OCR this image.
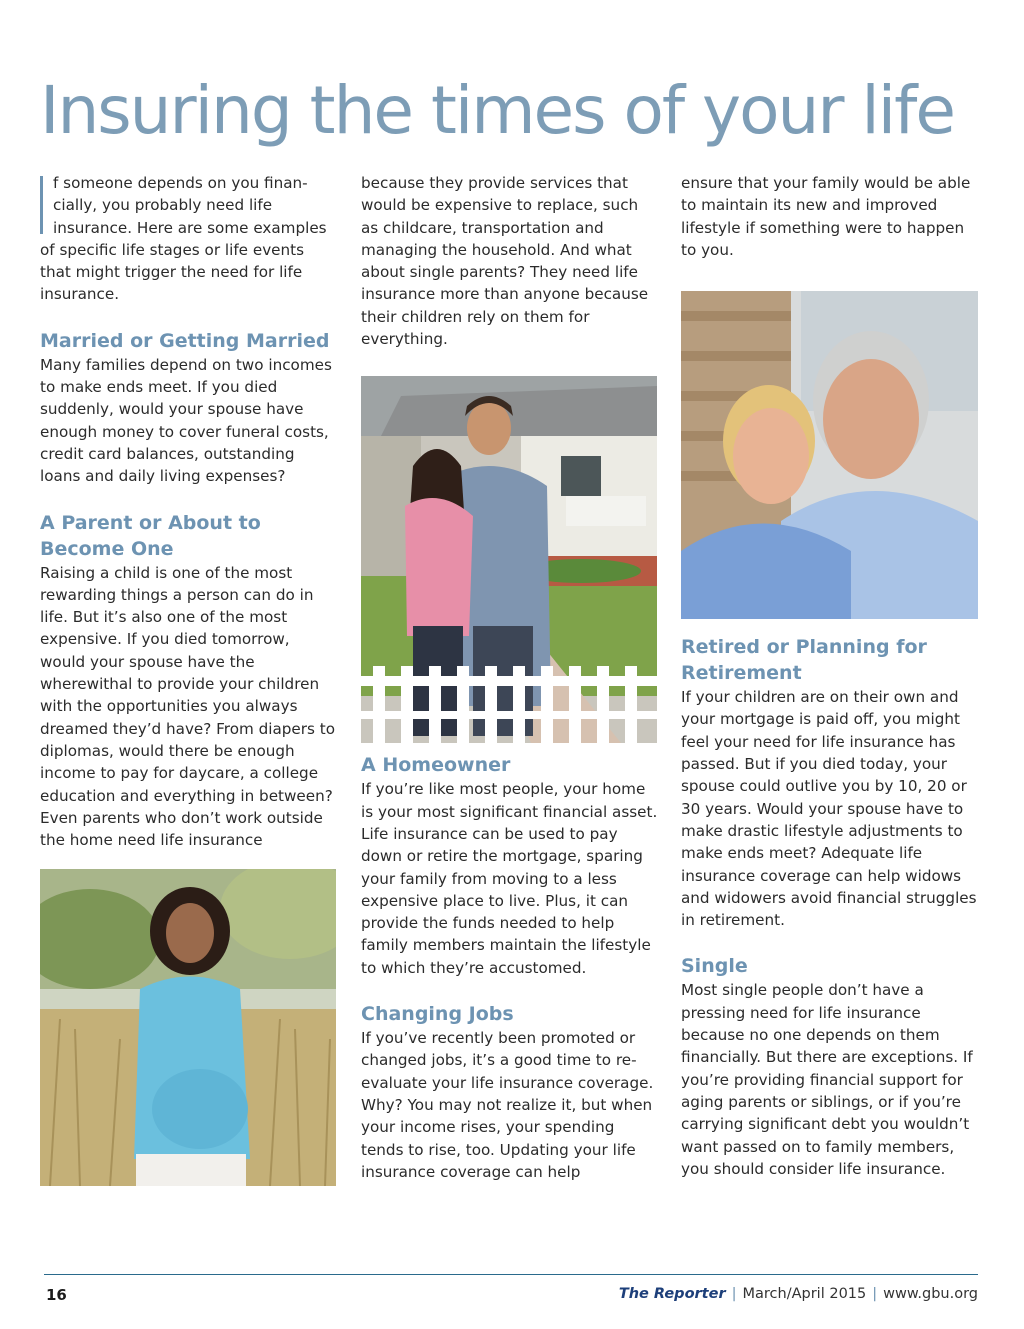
Insuring the times of your life

f someone depends on you finan-cially, you probably need life insurance. Here are some examples of specific life stages or life events that might trigger the need for life insurance.

Married or Getting Married

Many families depend on two incomes to make ends meet. If you died suddenly, would your spouse have enough money to cover funeral costs, credit card balances, outstanding loans and daily living expenses?

A Parent or About to Become One

Raising a child is one of the most rewarding things a person can do in life. But it’s also one of the most expensive. If you died tomorrow, would your spouse have the wherewithal to provide your children with the opportunities you always dreamed they’d have? From diapers to diplomas, would there be enough income to pay for daycare, a college education and everything in between? Even parents who don’t work outside the home need life insurance

because they provide services that would be expensive to replace, such as childcare, transportation and managing the household. And what about single parents? They need life insurance more than anyone because their children rely on them for everything.

A Homeowner

If you’re like most people, your home is your most significant financial asset. Life insurance can be used to pay down or retire the mortgage, sparing your family from moving to a less expensive place to live. Plus, it can provide the funds needed to help family members maintain the lifestyle to which they’re accustomed.

Changing Jobs

If you’ve recently been promoted or changed jobs, it’s a good time to re-evaluate your life insurance coverage. Why? You may not realize it, but when your income rises, your spending tends to rise, too. Updating your life insurance coverage can help

ensure that your family would be able to maintain its new and improved lifestyle if something were to happen to you.

Retired or Planning for Retirement

If your children are on their own and your mortgage is paid off, you might feel your need for life insurance has passed. But if you died today, your spouse could outlive you by 10, 20 or 30 years. Would your spouse have to make drastic lifestyle adjustments to make ends meet? Adequate life insurance coverage can help widows and widowers avoid financial struggles in retirement.

Single

Most single people don’t have a pressing need for life insurance because no one depends on them financially. But there are exceptions. If you’re providing financial support for aging parents or siblings, or if you’re carrying significant debt you wouldn’t want passed on to family members, you should consider life insurance.

16	The Reporter | March/April 2015 | www.gbu.org
